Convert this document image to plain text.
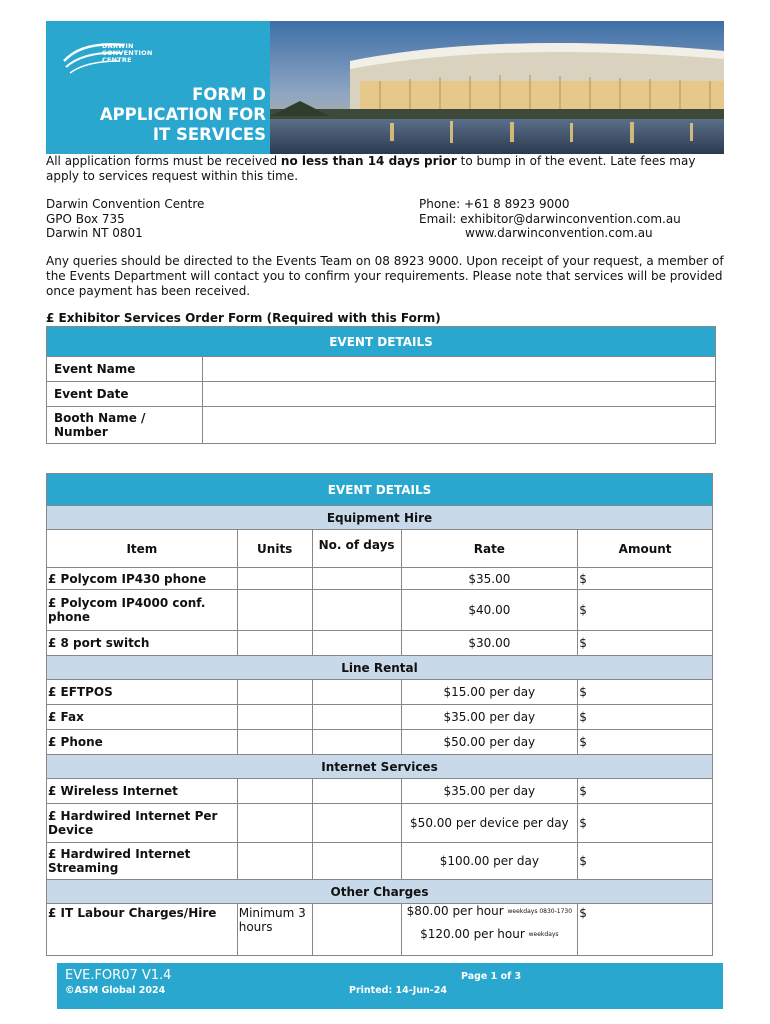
DARWIN
CONVENTION
CENTRE
FORM D
APPLICATION FOR
IT SERVICES
All application forms must be received no less than 14 days prior to bump in of the event. Late fees may apply to services request within this time.
Darwin Convention Centre
GPO Box 735
Darwin NT 0801
Phone: +61 8 8923 9000
Email: exhibitor@darwinconvention.com.au
www.darwinconvention.com.au
Any queries should be directed to the Events Team on 08 8923 9000. Upon receipt of your request, a member of the Events Department will contact you to confirm your requirements. Please note that services will be provided once payment has been received.
£ Exhibitor Services Order Form (Required with this Form)
EVENT DETAILS	
Event Name	
Event Date	
Booth Name / Number	
EVENT DETAILS				
Equipment Hire				
Item	Units	No. of days	Rate	Amount
£ Polycom IP430 phone			$35.00	$
£ Polycom IP4000 conf. phone			$40.00	$
£ 8 port switch			$30.00	$
Line Rental				
£ EFTPOS			$15.00 per day	$
£ Fax			$35.00 per day	$
£ Phone			$50.00 per day	$
Internet Services				
£ Wireless Internet			$35.00 per day	$
£ Hardwired Internet Per Device			$50.00 per device per day	$
£ Hardwired Internet Streaming			$100.00 per day	$
Other Charges				
£ IT Labour Charges/Hire	Minimum 3 hours		$80.00 per hour weekdays 0830-1730
$120.00 per hour weekdays	$
EVE.FOR07 V1.4
©ASM Global 2024
Page 1 of 3
Printed: 14-Jun-24
